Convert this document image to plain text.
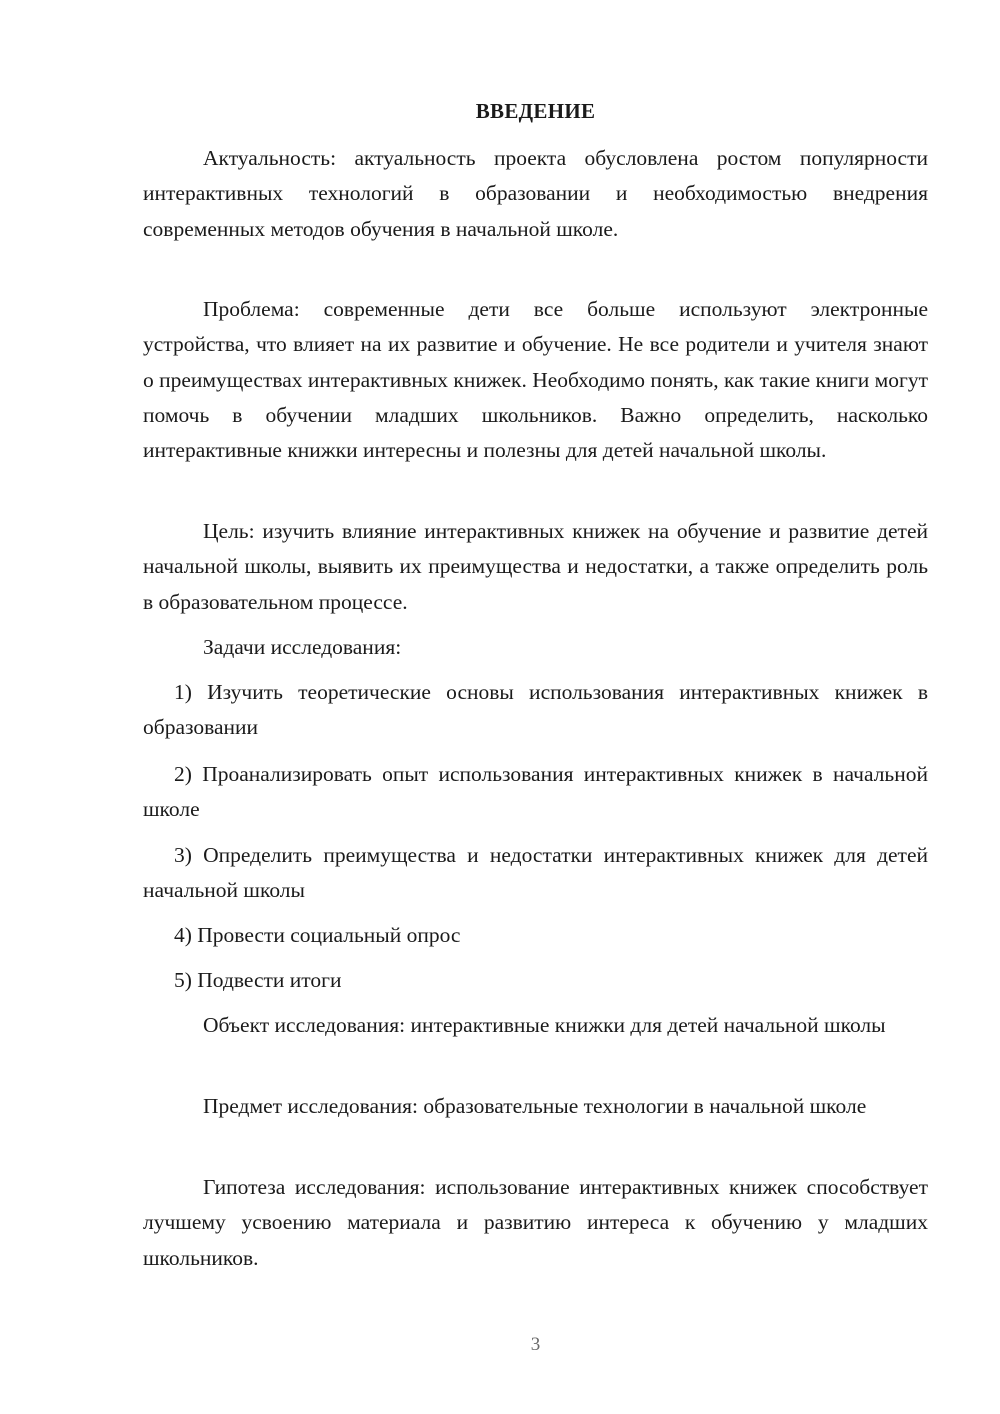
ВВЕДЕНИЕ

Актуальность: актуальность проекта обусловлена ростом популярности интерактивных технологий в образовании и необходимостью внедрения современных методов обучения в начальной школе.

Проблема: современные дети все больше используют электронные устройства, что влияет на их развитие и обучение. Не все родители и учителя знают о преимуществах интерактивных книжек. Необходимо понять, как такие книги могут помочь в обучении младших школьников. Важно определить, насколько интерактивные книжки интересны и полезны для детей начальной школы.

Цель: изучить влияние интерактивных книжек на обучение и развитие детей начальной школы, выявить их преимущества и недостатки, а также определить роль в образовательном процессе.

Задачи исследования:

1) Изучить теоретические основы использования интерактивных книжек в образовании

2) Проанализировать опыт использования интерактивных книжек в начальной школе

3) Определить преимущества и недостатки интерактивных книжек для детей начальной школы

4) Провести социальный опрос

5) Подвести итоги

Объект исследования: интерактивные книжки для детей начальной школы

Предмет исследования: образовательные технологии в начальной школе

Гипотеза исследования: использование интерактивных книжек способствует лучшему усвоению материала и развитию интереса к обучению у младших школьников.

3
